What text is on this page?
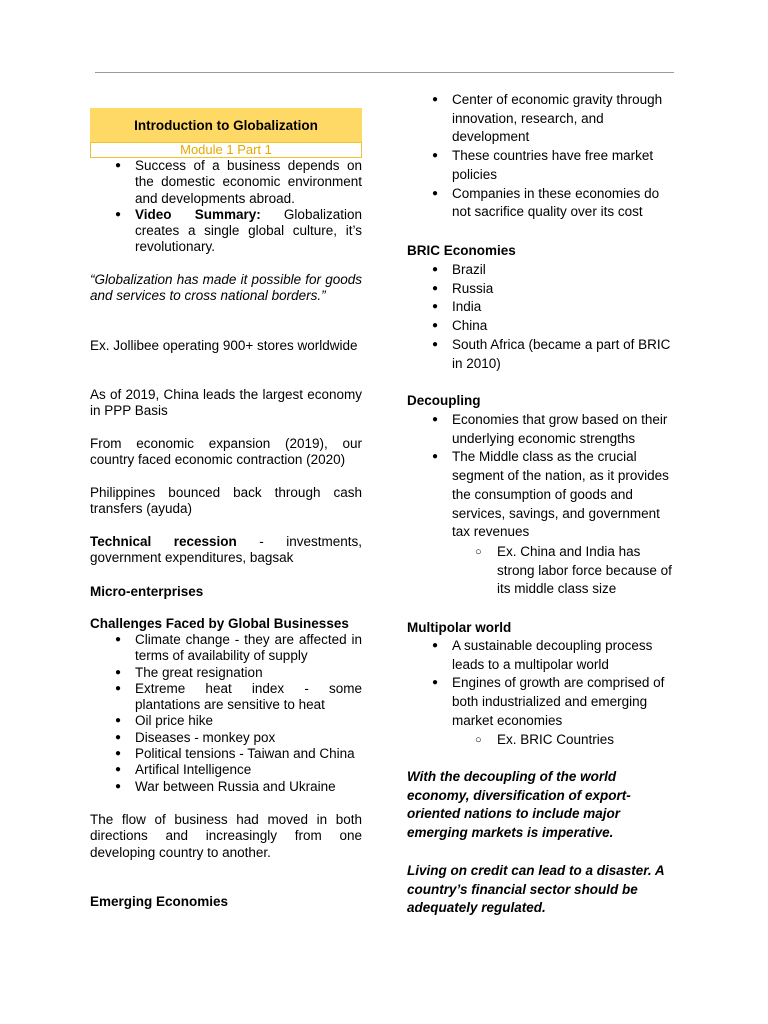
Introduction to Globalization
Module 1 Part 1
● Success of a business depends on the domestic economic environment and developments abroad.
● Video Summary: Globalization creates a single global culture, it’s revolutionary.

“Globalization has made it possible for goods and services to cross national borders.”

Ex. Jollibee operating 900+ stores worldwide

As of 2019, China leads the largest economy in PPP Basis

From economic expansion (2019), our country faced economic contraction (2020)

Philippines bounced back through cash transfers (ayuda)

Technical recession - investments, government expenditures, bagsak

Micro-enterprises

Challenges Faced by Global Businesses

● Climate change - they are affected in terms of availability of supply
● The great resignation
● Extreme heat index - some plantations are sensitive to heat
● Oil price hike
● Diseases - monkey pox
● Political tensions - Taiwan and China
● Artifical Intelligence
● War between Russia and Ukraine

The flow of business had moved in both directions and increasingly from one developing country to another.

Emerging Economies

● Center of economic gravity through innovation, research, and development
● These countries have free market policies
● Companies in these economies do not sacrifice quality over its cost

BRIC Economies

● Brazil
● Russia
● India
● China
● South Africa (became a part of BRIC in 2010)

Decoupling

● Economies that grow based on their underlying economic strengths
● The Middle class as the crucial segment of the nation, as it provides the consumption of goods and services, savings, and government tax revenues
○ Ex. China and India has strong labor force because of its middle class size

Multipolar world

● A sustainable decoupling process leads to a multipolar world
● Engines of growth are comprised of both industrialized and emerging market economies
○ Ex. BRIC Countries

With the decoupling of the world economy, diversification of export-oriented nations to include major emerging markets is imperative.

Living on credit can lead to a disaster. A country’s financial sector should be adequately regulated.
